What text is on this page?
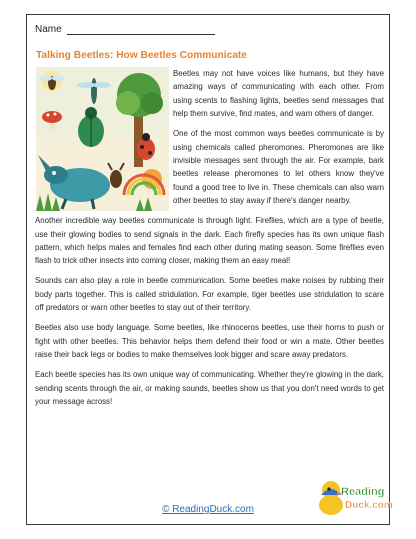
Name
Talking Beetles: How Beetles Communicate

Beetles may not have voices like humans, but they have amazing ways of communicating with each other. From using scents to flashing lights, beetles send messages that help them survive, find mates, and warn others of danger.

One of the most common ways beetles communicate is by using chemicals called pheromones. Pheromones are like invisible messages sent through the air. For example, bark beetles release pheromones to let others know they've found a good tree to live in. These chemicals can also warn other beetles to stay away if there's danger nearby.

Another incredible way beetles communicate is through light. Fireflies, which are a type of beetle, use their glowing bodies to send signals in the dark. Each firefly species has its own unique flash pattern, which helps males and females find each other during mating season. Some fireflies even flash to trick other insects into coming closer, making them an easy meal!

Sounds can also play a role in beetle communication. Some beetles make noises by rubbing their body parts together. This is called stridulation. For example, tiger beetles use stridulation to scare off predators or warn other beetles to stay out of their territory.

Beetles also use body language. Some beetles, like rhinoceros beetles, use their horns to push or fight with other beetles. This behavior helps them defend their food or win a mate. Other beetles raise their back legs or bodies to make themselves look bigger and scare away predators.

Each beetle species has its own unique way of communicating. Whether they're glowing in the dark, sending scents through the air, or making sounds, beetles show us that you don't need words to get your message across!

© ReadingDuck.com
Reading
Duck.com
